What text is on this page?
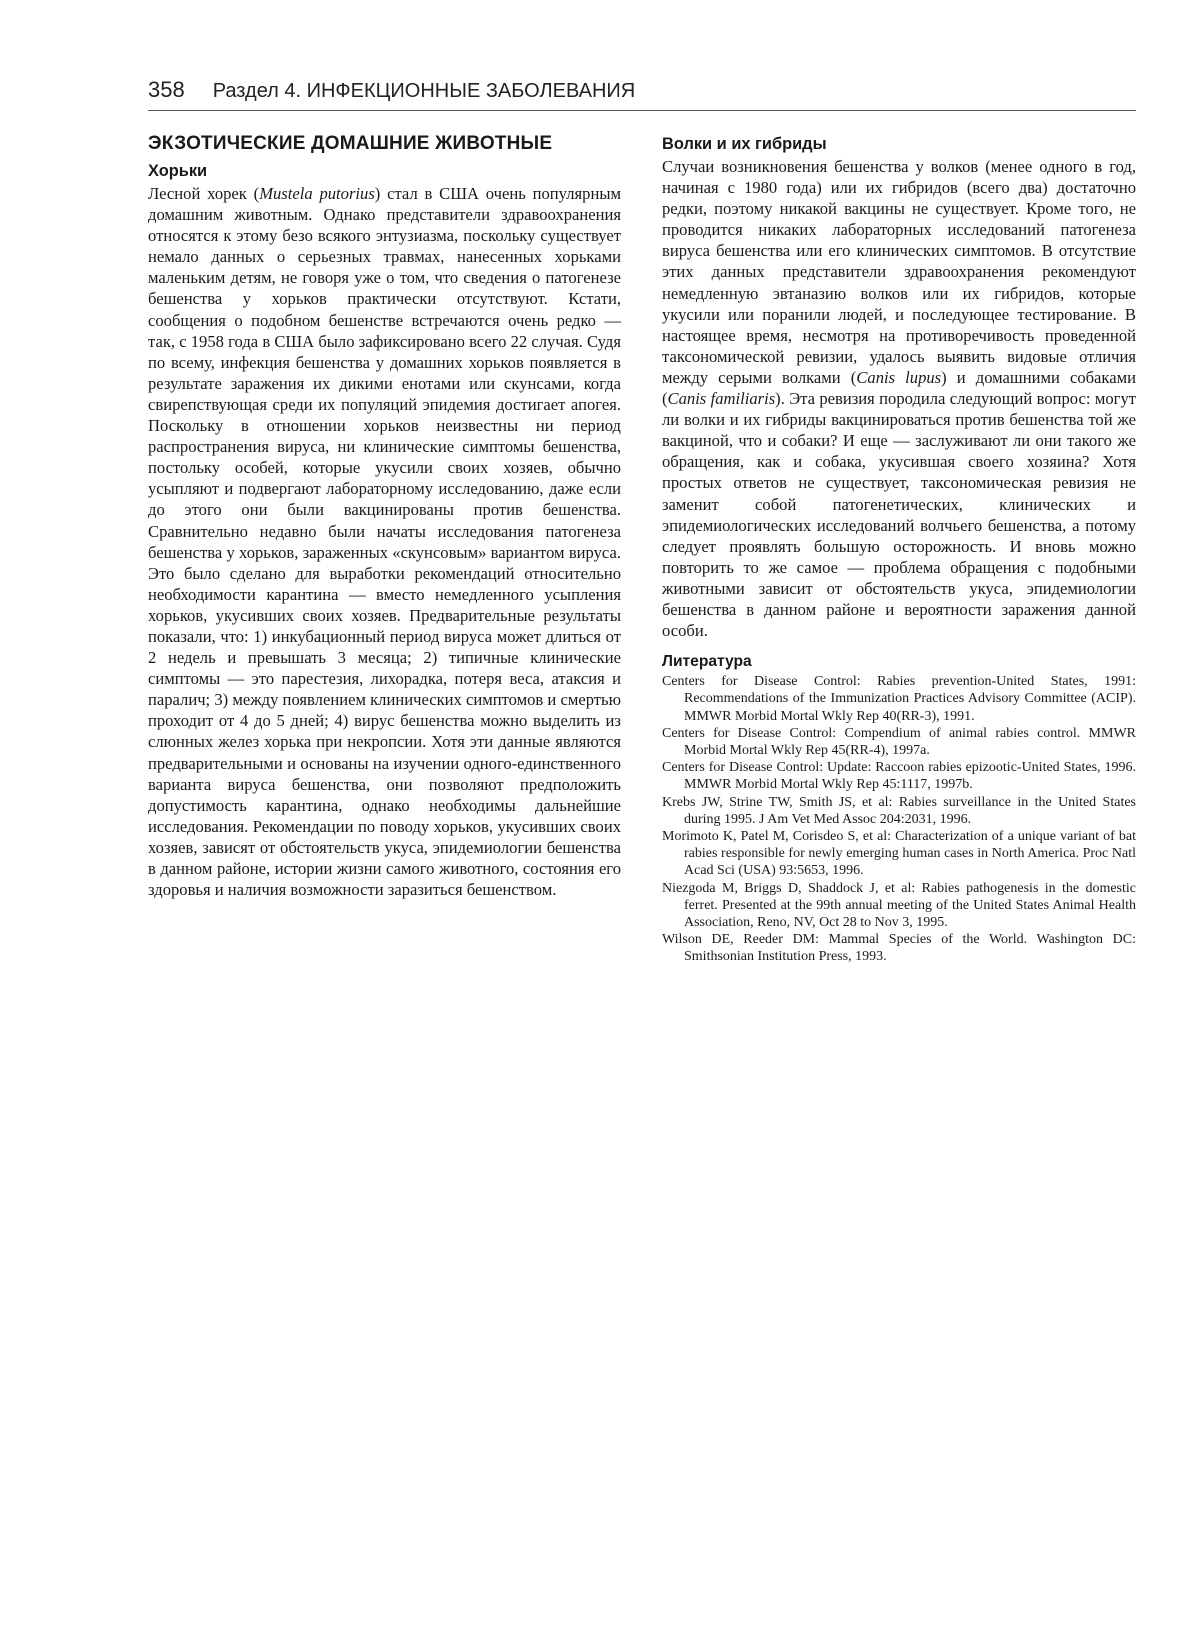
358 Раздел 4. ИНФЕКЦИОННЫЕ ЗАБОЛЕВАНИЯ
ЭКЗОТИЧЕСКИЕ ДОМАШНИЕ ЖИВОТНЫЕ
Хорьки

Лесной хорек (Mustela putorius) стал в США очень популярным домашним животным. Однако представители здравоохранения относятся к этому безо всякого энтузиазма, поскольку существует немало данных о серьезных травмах, нанесенных хорьками маленьким детям, не говоря уже о том, что сведения о патогенезе бешенства у хорьков практически отсутствуют. Кстати, сообщения о подобном бешенстве встречаются очень редко — так, с 1958 года в США было зафиксировано всего 22 случая. Судя по всему, инфекция бешенства у домашних хорьков появляется в результате заражения их дикими енотами или скунсами, когда свирепствующая среди их популяций эпидемия достигает апогея. Поскольку в отношении хорьков неизвестны ни период распространения вируса, ни клинические симптомы бешенства, постольку особей, которые укусили своих хозяев, обычно усыпляют и подвергают лабораторному исследованию, даже если до этого они были вакцинированы против бешенства. Сравнительно недавно были начаты исследования патогенеза бешенства у хорьков, зараженных «скунсовым» вариантом вируса. Это было сделано для выработки рекомендаций относительно необходимости карантина — вместо немедленного усыпления хорьков, укусивших своих хозяев. Предварительные результаты показали, что: 1) инкубационный период вируса может длиться от 2 недель и превышать 3 месяца; 2) типичные клинические симптомы — это парестезия, лихорадка, потеря веса, атаксия и паралич; 3) между появлением клинических симптомов и смертью проходит от 4 до 5 дней; 4) вирус бешенства можно выделить из слюнных желез хорька при некропсии. Хотя эти данные являются предварительными и основаны на изучении одного-единственного варианта вируса бешенства, они позволяют предположить допустимость карантина, однако необходимы дальнейшие исследования. Рекомендации по поводу хорьков, укусивших своих хозяев, зависят от обстоятельств укуса, эпидемиологии бешенства в данном районе, истории жизни самого животного, состояния его здоровья и наличия возможности заразиться бешенством.

Волки и их гибриды

Случаи возникновения бешенства у волков (менее одного в год, начиная с 1980 года) или их гибридов (всего два) достаточно редки, поэтому никакой вакцины не существует. Кроме того, не проводится никаких лабораторных исследований патогенеза вируса бешенства или его клинических симптомов. В отсутствие этих данных представители здравоохранения рекомендуют немедленную эвтаназию волков или их гибридов, которые укусили или поранили людей, и последующее тестирование. В настоящее время, несмотря на противоречивость проведенной таксономической ревизии, удалось выявить видовые отличия между серыми волками (Canis lupus) и домашними собаками (Canis familiaris). Эта ревизия породила следующий вопрос: могут ли волки и их гибриды вакцинироваться против бешенства той же вакциной, что и собаки? И еще — заслуживают ли они такого же обращения, как и собака, укусившая своего хозяина? Хотя простых ответов не существует, таксономическая ревизия не заменит собой патогенетических, клинических и эпидемиологических исследований волчьего бешенства, а потому следует проявлять большую осторожность. И вновь можно повторить то же самое — проблема обращения с подобными животными зависит от обстоятельств укуса, эпидемиологии бешенства в данном районе и вероятности заражения данной особи.

Литература
Centers for Disease Control: Rabies prevention-United States, 1991: Recommendations of the Immunization Practices Advisory Committee (ACIP). MMWR Morbid Mortal Wkly Rep 40(RR-3), 1991.
Centers for Disease Control: Compendium of animal rabies control. MMWR Morbid Mortal Wkly Rep 45(RR-4), 1997a.
Centers for Disease Control: Update: Raccoon rabies epizootic-United States, 1996. MMWR Morbid Mortal Wkly Rep 45:1117, 1997b.
Krebs JW, Strine TW, Smith JS, et al: Rabies surveillance in the United States during 1995. J Am Vet Med Assoc 204:2031, 1996.
Morimoto K, Patel M, Corisdeo S, et al: Characterization of a unique variant of bat rabies responsible for newly emerging human cases in North America. Proc Natl Acad Sci (USA) 93:5653, 1996.
Niezgoda M, Briggs D, Shaddock J, et al: Rabies pathogenesis in the domestic ferret. Presented at the 99th annual meeting of the United States Animal Health Association, Reno, NV, Oct 28 to Nov 3, 1995.
Wilson DE, Reeder DM: Mammal Species of the World. Washington DC: Smithsonian Institution Press, 1993.
